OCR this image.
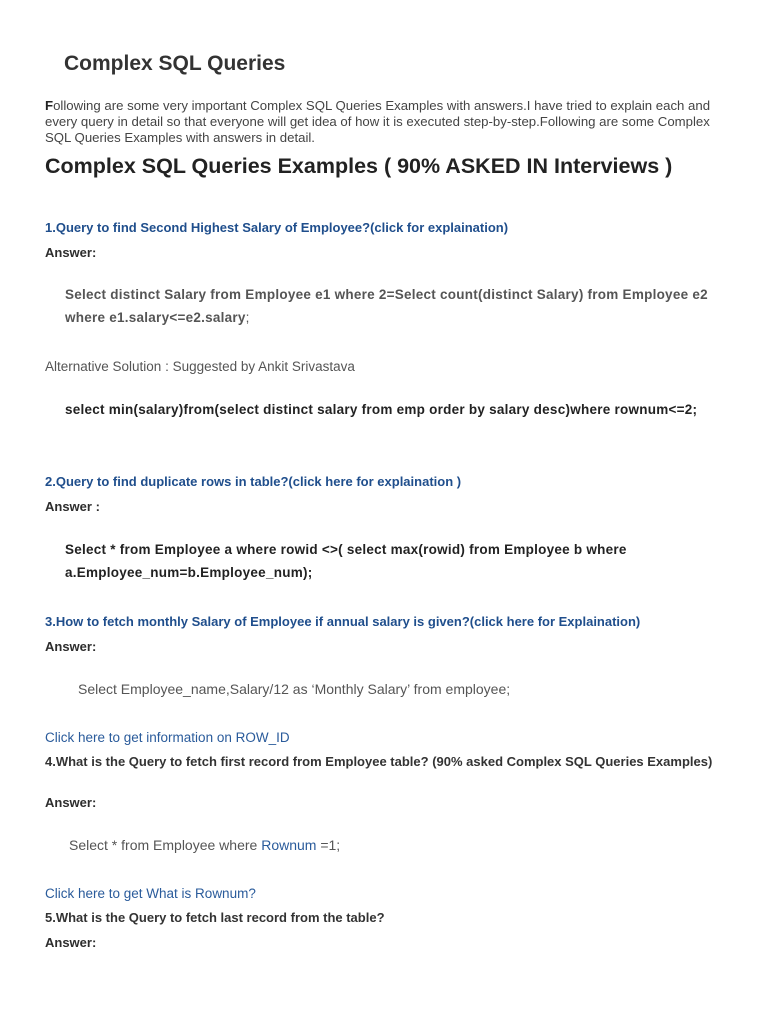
Complex SQL Queries

Following are some very important Complex SQL Queries Examples with answers.I have tried to explain each and every query in detail so that everyone will get idea of how it is executed step-by-step.Following are some Complex SQL Queries Examples with answers in detail.

Complex SQL Queries Examples ( 90% ASKED IN Interviews )
1.Query to find Second Highest Salary of Employee?(click for explaination)
Answer:
Select distinct Salary from Employee e1 where 2=Select count(distinct Salary) from Employee e2 where e1.salary<=e2.salary;
Alternative Solution : Suggested by Ankit Srivastava
select min(salary)from(select distinct salary from emp order by salary desc)where rownum<=2;
2.Query to find duplicate rows in table?(click here for explaination )
Answer :
Select * from Employee a where rowid <>( select max(rowid) from Employee b where a.Employee_num=b.Employee_num);
3.How to fetch monthly Salary of Employee if annual salary is given?(click here for Explaination)
Answer:
Select Employee_name,Salary/12 as ‘Monthly Salary’ from employee;
Click here to get information on ROW_ID
4.What is the Query to fetch first record from Employee table? (90% asked Complex SQL Queries Examples)
Answer:
Select * from Employee where Rownum =1;
Click here to get What is Rownum?
5.What is the Query to fetch last record from the table?
Answer:
